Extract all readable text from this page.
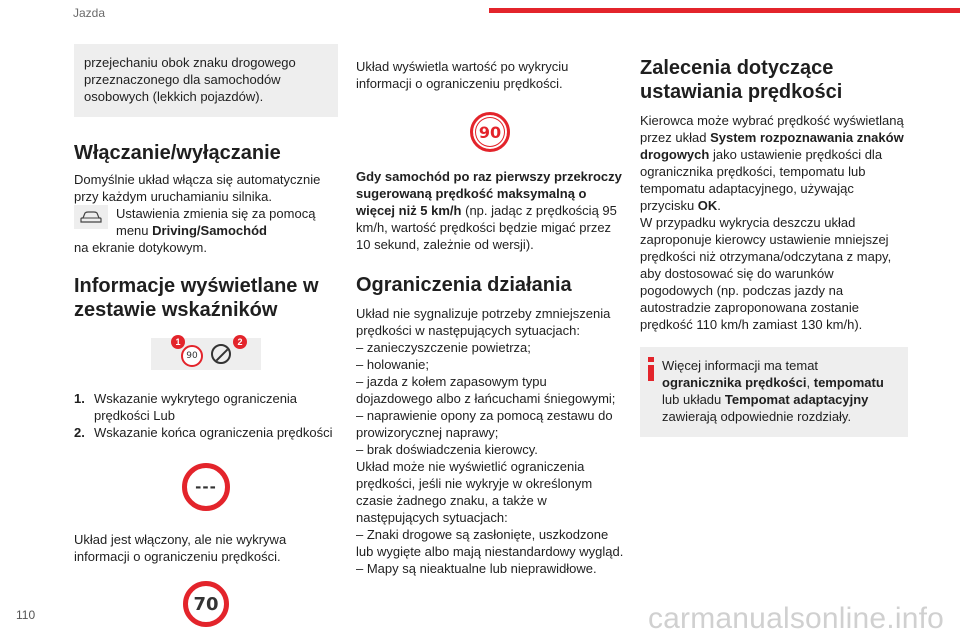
Jazda

przejechaniu obok znaku drogowego przeznaczonego dla samochodów osobowych (lekkich pojazdów).

Włączanie/wyłączanie

Domyślnie układ włącza się automatycznie przy każdym uruchamianiu silnika.

Ustawienia zmienia się za pomocą menu Driving/Samochód

na ekranie dotykowym.

Informacje wyświetlane w zestawie wskaźników
1	2
90
1. Wskazanie wykrytego ograniczenia prędkości Lub
2. Wskazanie końca ograniczenia prędkości
---

Układ jest włączony, ale nie wykrywa informacji o ograniczeniu prędkości.

70

Układ wyświetla wartość po wykryciu informacji o ograniczeniu prędkości.

90

Gdy samochód po raz pierwszy przekroczy sugerowaną prędkość maksymalną o więcej niż 5 km/h (np. jadąc z prędkością 95 km/h, wartość prędkości będzie migać przez 10 sekund, zależnie od wersji).

Ograniczenia działania

Układ nie sygnalizuje potrzeby zmniejszenia prędkości w następujących sytuacjach:

– zanieczyszczenie powietrza;

– holowanie;

– jazda z kołem zapasowym typu dojazdowego albo z łańcuchami śniegowymi;

– naprawienie opony za pomocą zestawu do prowizorycznej naprawy;

– brak doświadczenia kierowcy.

Układ może nie wyświetlić ograniczenia prędkości, jeśli nie wykryje w określonym czasie żadnego znaku, a także w następujących sytuacjach:

– Znaki drogowe są zasłonięte, uszkodzone lub wygięte albo mają niestandardowy wygląd.

– Mapy są nieaktualne lub nieprawidłowe.

Zalecenia dotyczące ustawiania prędkości

Kierowca może wybrać prędkość wyświetlaną przez układ System rozpoznawania znaków drogowych jako ustawienie prędkości dla ogranicznika prędkości, tempomatu lub tempomatu adaptacyjnego, używając przycisku OK.

W przypadku wykrycia deszczu układ zaproponuje kierowcy ustawienie mniejszej prędkości niż otrzymana/odczytana z mapy, aby dostosować się do warunków pogodowych (np. podczas jazdy na autostradzie zaproponowana zostanie prędkość 110 km/h zamiast 130 km/h).

Więcej informacji ma temat ogranicznika prędkości, tempomatu lub układu Tempomat adaptacyjny zawierają odpowiednie rozdziały.

110	carmanualsonline.info
